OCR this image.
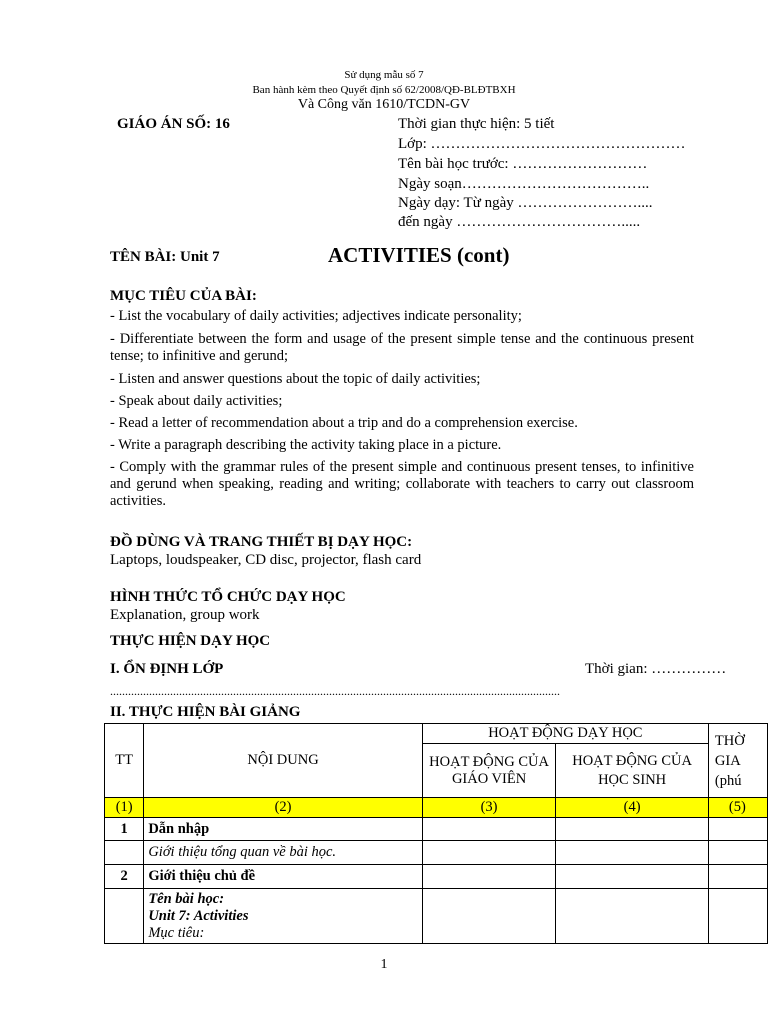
Sử dụng mẫu số 7
Ban hành kèm theo Quyết định số 62/2008/QĐ-BLĐTBXH
Và Công văn 1610/TCDN-GV
GIÁO ÁN SỐ: 16	Thời gian thực hiện: 5 tiết
Lớp: ……………………………………………
Tên bài học trước: ………………………
Ngày soạn………………………………..
Ngày dạy: Từ ngày ……………………....
đến ngày …………………………….....
TÊN BÀI: Unit 7	ACTIVITIES (cont)
MỤC TIÊU CỦA BÀI:
- List the vocabulary of daily activities; adjectives indicate personality;
- Differentiate between the form and usage of the present simple tense and the continuous present tense; to infinitive and gerund;
- Listen and answer questions about the topic of daily activities;
- Speak about daily activities;
- Read a letter of recommendation about a trip and do a comprehension exercise.
- Write a paragraph describing the activity taking place in a picture.
- Comply with the grammar rules of the present simple and continuous present tenses, to infinitive and gerund when speaking, reading and writing; collaborate with teachers to carry out classroom activities.
ĐỒ DÙNG VÀ TRANG THIẾT BỊ DẠY HỌC:
Laptops, loudspeaker, CD disc, projector, flash card
HÌNH THỨC TỔ CHỨC DẠY HỌC
Explanation, group work
THỰC HIỆN DẠY HỌC
I. ỔN ĐỊNH LỚP	Thời gian: ……………
......................................................................................................................................................
II. THỰC HIỆN BÀI GIẢNG
TT	NỘI DUNG	HOẠT ĐỘNG DẠY HỌC		THỜ
GIA
(phú
		HOẠT ĐỘNG CỦA GIÁO VIÊN	HOẠT ĐỘNG CỦA HỌC SINH	
(1)	(2)	(3)	(4)	(5)
1	Dẫn nhập			
	Giới thiệu tổng quan về bài học.			
2	Giới thiệu chủ đề			

	Tên bài học:
Unit 7: Activities
Mục tiêu:			

1
